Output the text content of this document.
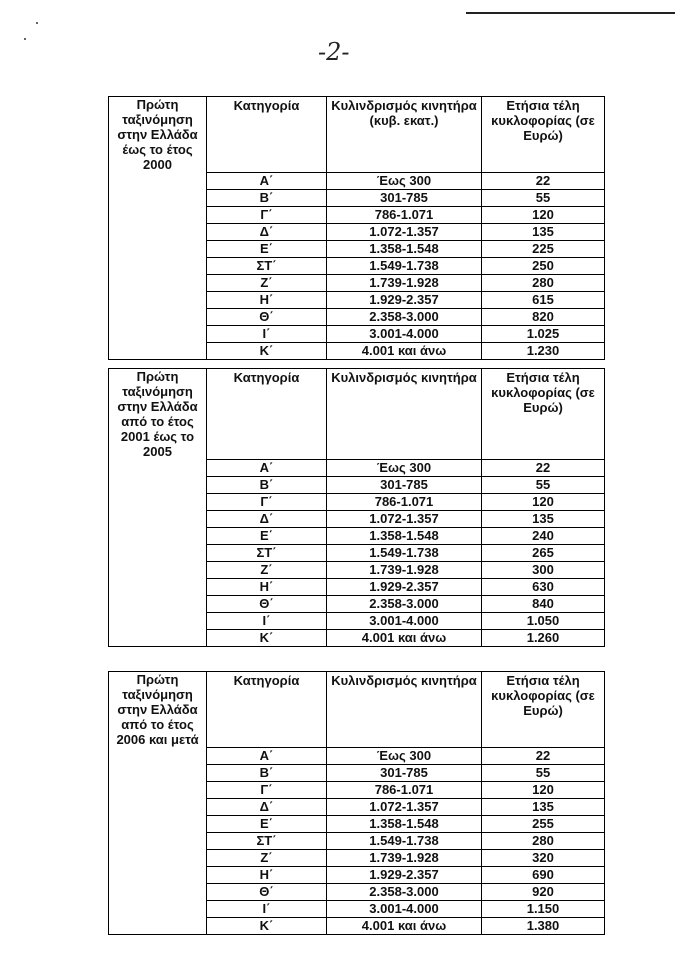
-2-
Πρώτη ταξινόμηση στην Ελλάδα έως το έτος 2000	Κατηγορία	Κυλινδρισμός κινητήρα (κυβ. εκατ.)	Ετήσια τέλη κυκλοφορίας (σε Ευρώ)
	Α΄	Έως 300	22
	Β΄	301-785	55
	Γ΄	786-1.071	120
	Δ΄	1.072-1.357	135
	Ε΄	1.358-1.548	225
	ΣΤ΄	1.549-1.738	250
	Ζ΄	1.739-1.928	280
	Η΄	1.929-2.357	615
	Θ΄	2.358-3.000	820
	Ι΄	3.001-4.000	1.025
	Κ΄	4.001 και άνω	1.230
Πρώτη ταξινόμηση στην Ελλάδα από το έτος 2001 έως το 2005	Κατηγορία	Κυλινδρισμός κινητήρα	Ετήσια τέλη κυκλοφορίας (σε Ευρώ)
	Α΄	Έως 300	22
	Β΄	301-785	55
	Γ΄	786-1.071	120
	Δ΄	1.072-1.357	135
	Ε΄	1.358-1.548	240
	ΣΤ΄	1.549-1.738	265
	Ζ΄	1.739-1.928	300
	Η΄	1.929-2.357	630
	Θ΄	2.358-3.000	840
	Ι΄	3.001-4.000	1.050
	Κ΄	4.001 και άνω	1.260
Πρώτη ταξινόμηση στην Ελλάδα από το έτος 2006 και μετά	Κατηγορία	Κυλινδρισμός κινητήρα	Ετήσια τέλη κυκλοφορίας (σε Ευρώ)
	Α΄	Έως 300	22
	Β΄	301-785	55
	Γ΄	786-1.071	120
	Δ΄	1.072-1.357	135
	Ε΄	1.358-1.548	255
	ΣΤ΄	1.549-1.738	280
	Ζ΄	1.739-1.928	320
	Η΄	1.929-2.357	690
	Θ΄	2.358-3.000	920
	Ι΄	3.001-4.000	1.150
	Κ΄	4.001 και άνω	1.380
